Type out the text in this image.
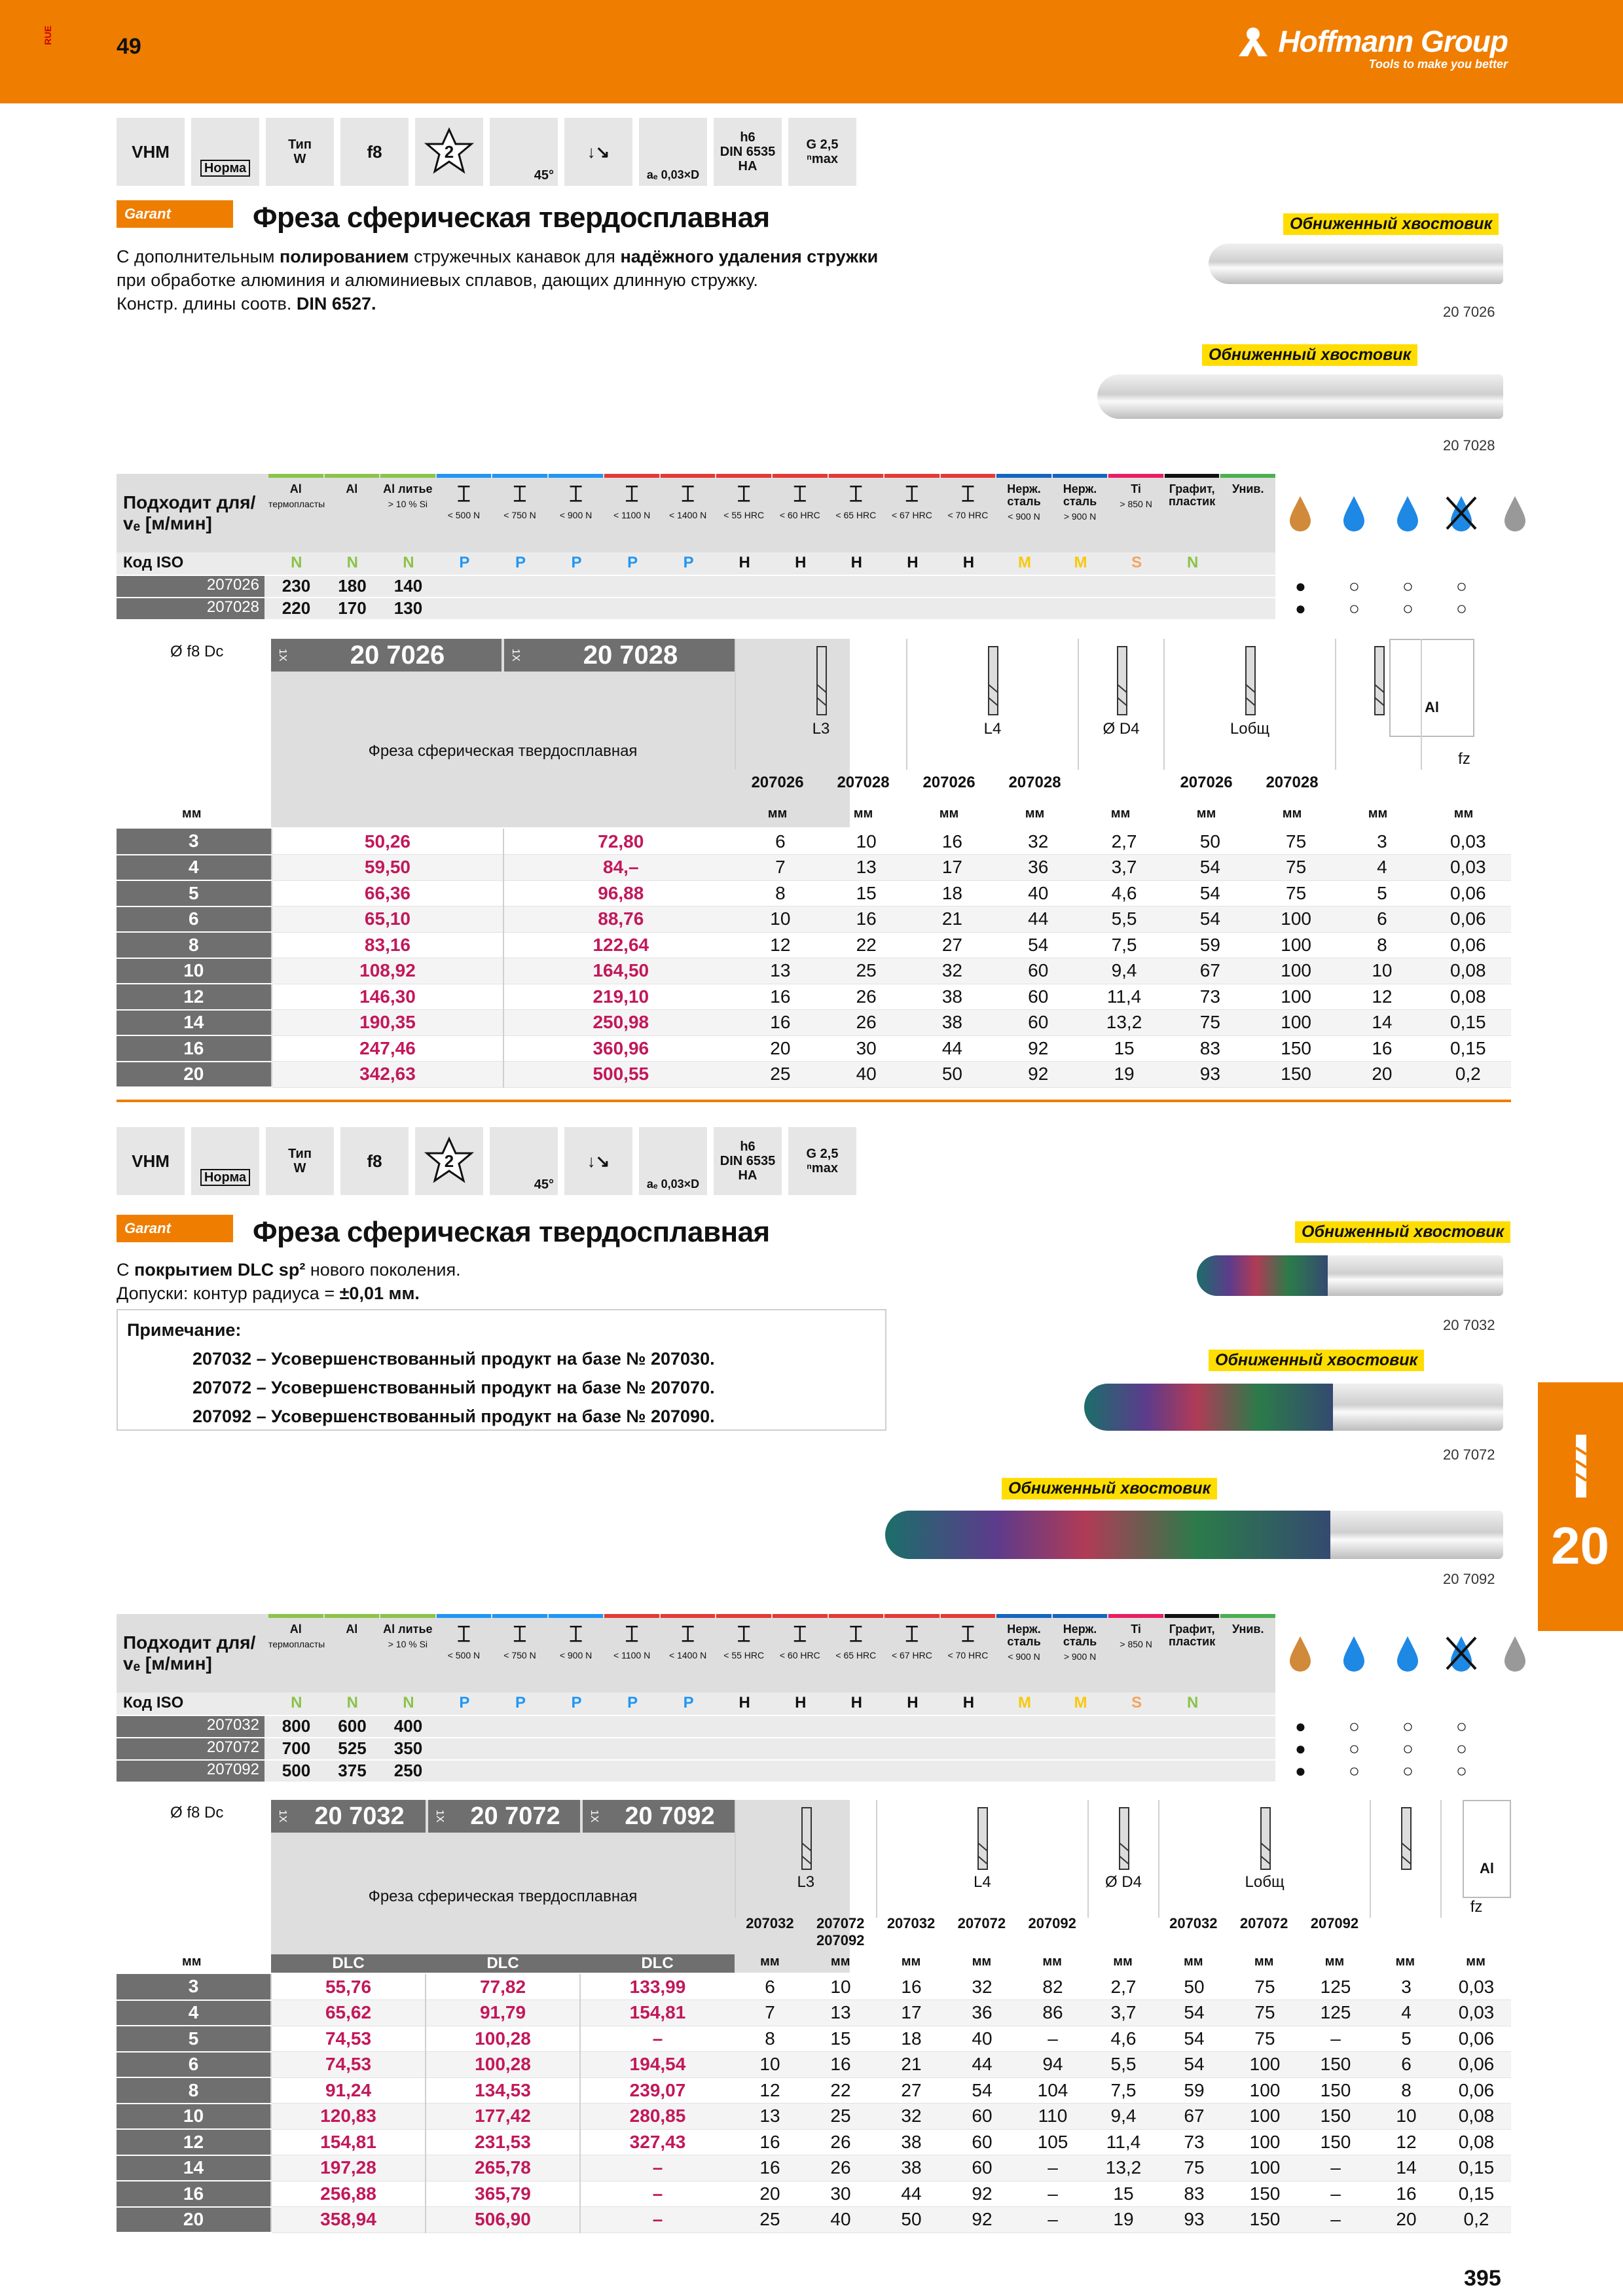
RUE	49	Hoffmann Group
Tools to make you better
VHM
Норма
Тип
W	f8	2
45°
↓↘
aₑ 0,03×D
h6
DIN 6535 HA
G 2,5
ⁿmax
Garant	Фреза сферическая твердосплавная
С дополнительным полированием стружечных канавок для надёжного удаления стружки при обработке алюминия и алюминиевых сплавов, дающих длинную стружку.
Констр. длины соотв. DIN 6527.
Обниженный хвостовик
20 7026
Обниженный хвостовик
20 7028
Подходит для/
vₑ [м/мин]
Al
термопласты
Al	Al литье
> 10 % Si	⌶
< 500 N
⌶
< 750 N
⌶
< 900 N
⌶
< 1100 N
⌶
< 1400 N
⌶
< 55 HRC
⌶
< 60 HRC
⌶
< 65 HRC
⌶
< 67 HRC
⌶
< 70 HRC
Нерж. сталь
< 900 N
Нерж. сталь
> 900 N
Ti
> 850 N
Графит, пластик
Унив.
Код ISO	N	N	N	P	P	P	P	P	H	H	H	H	H	M	M	S	N
207026	230	180	140	● ○ ○ ○
207028	220	170	130	● ○ ○ ○
Ø f8 Dc	1X	20 7026	1X	20 7028
Фреза сферическая твердосплавная
Al
L3	L4	Ø D4	Lобщ
fz
207026
мм
207028
мм
207026
мм
207028
мм	мм
207026
мм
207028
мм	мм	мм
мм
3	50,26	72,80	6	10	16	32	2,7	50	75	3	0,03
4	59,50	84,–	7	13	17	36	3,7	54	75	4	0,03
5	66,36	96,88	8	15	18	40	4,6	54	75	5	0,06
6	65,10	88,76	10	16	21	44	5,5	54	100	6	0,06
8	83,16	122,64	12	22	27	54	7,5	59	100	8	0,06
10	108,92	164,50	13	25	32	60	9,4	67	100	10	0,08
12	146,30	219,10	16	26	38	60	11,4	73	100	12	0,08
14	190,35	250,98	16	26	38	60	13,2	75	100	14	0,15
16	247,46	360,96	20	30	44	92	15	83	150	16	0,15
20	342,63	500,55	25	40	50	92	19	93	150	20	0,2
VHM
Норма
Тип
W	f8	2
45°
↓↘
aₑ 0,03×D
h6
DIN 6535 HA
G 2,5
ⁿmax
Garant	Фреза сферическая твердосплавная
С покрытием DLC sp² нового поколения.
Допуски: контур радиуса = ±0,01 мм.
Примечание:
207032 – Усовершенствованный продукт на базе № 207030.
207072 – Усовершенствованный продукт на базе № 207070.
207092 – Усовершенствованный продукт на базе № 207090.
Обниженный хвостовик
20 7032
Обниженный хвостовик
20 7072
Обниженный хвостовик
20 7092
20
Подходит для/
vₑ [м/мин]
Al
термопласты
Al	Al литье
> 10 % Si	⌶
< 500 N
⌶
< 750 N
⌶
< 900 N
⌶
< 1100 N
⌶
< 1400 N
⌶
< 55 HRC
⌶
< 60 HRC
⌶
< 65 HRC
⌶
< 67 HRC
⌶
< 70 HRC
Нерж. сталь
< 900 N
Нерж. сталь
> 900 N
Ti
> 850 N
Графит, пластик
Унив.
Код ISO	N	N	N	P	P	P	P	P	H	H	H	H	H	M	M	S	N
207032	800	600	400	● ○ ○ ○
207072	700	525	350	● ○ ○ ○
207092	500	375	250	● ○ ○ ○
Ø f8 Dc	1X	20 7032	1X	20 7072	1X	20 7092
Фреза сферическая твердосплавная
DLC	DLC	DLC
Al
L3	L4	Ø D4	Lобщ
fz
207032
мм
207072
207092
мм
207032
мм
207072
мм
207092
мм	мм
207032
мм
207072
мм
207092
мм	мм	мм
мм
3	55,76	77,82	133,99	6	10	16	32	82	2,7	50	75	125	3	0,03
4	65,62	91,79	154,81	7	13	17	36	86	3,7	54	75	125	4	0,03
5	74,53	100,28	–	8	15	18	40	–	4,6	54	75	–	5	0,06
6	74,53	100,28	194,54	10	16	21	44	94	5,5	54	100	150	6	0,06
8	91,24	134,53	239,07	12	22	27	54	104	7,5	59	100	150	8	0,06
10	120,83	177,42	280,85	13	25	32	60	110	9,4	67	100	150	10	0,08
12	154,81	231,53	327,43	16	26	38	60	105	11,4	73	100	150	12	0,08
14	197,28	265,78	–	16	26	38	60	–	13,2	75	100	–	14	0,15
16	256,88	365,79	–	20	30	44	92	–	15	83	150	–	16	0,15
20	358,94	506,90	–	25	40	50	92	–	19	93	150	–	20	0,2
395
